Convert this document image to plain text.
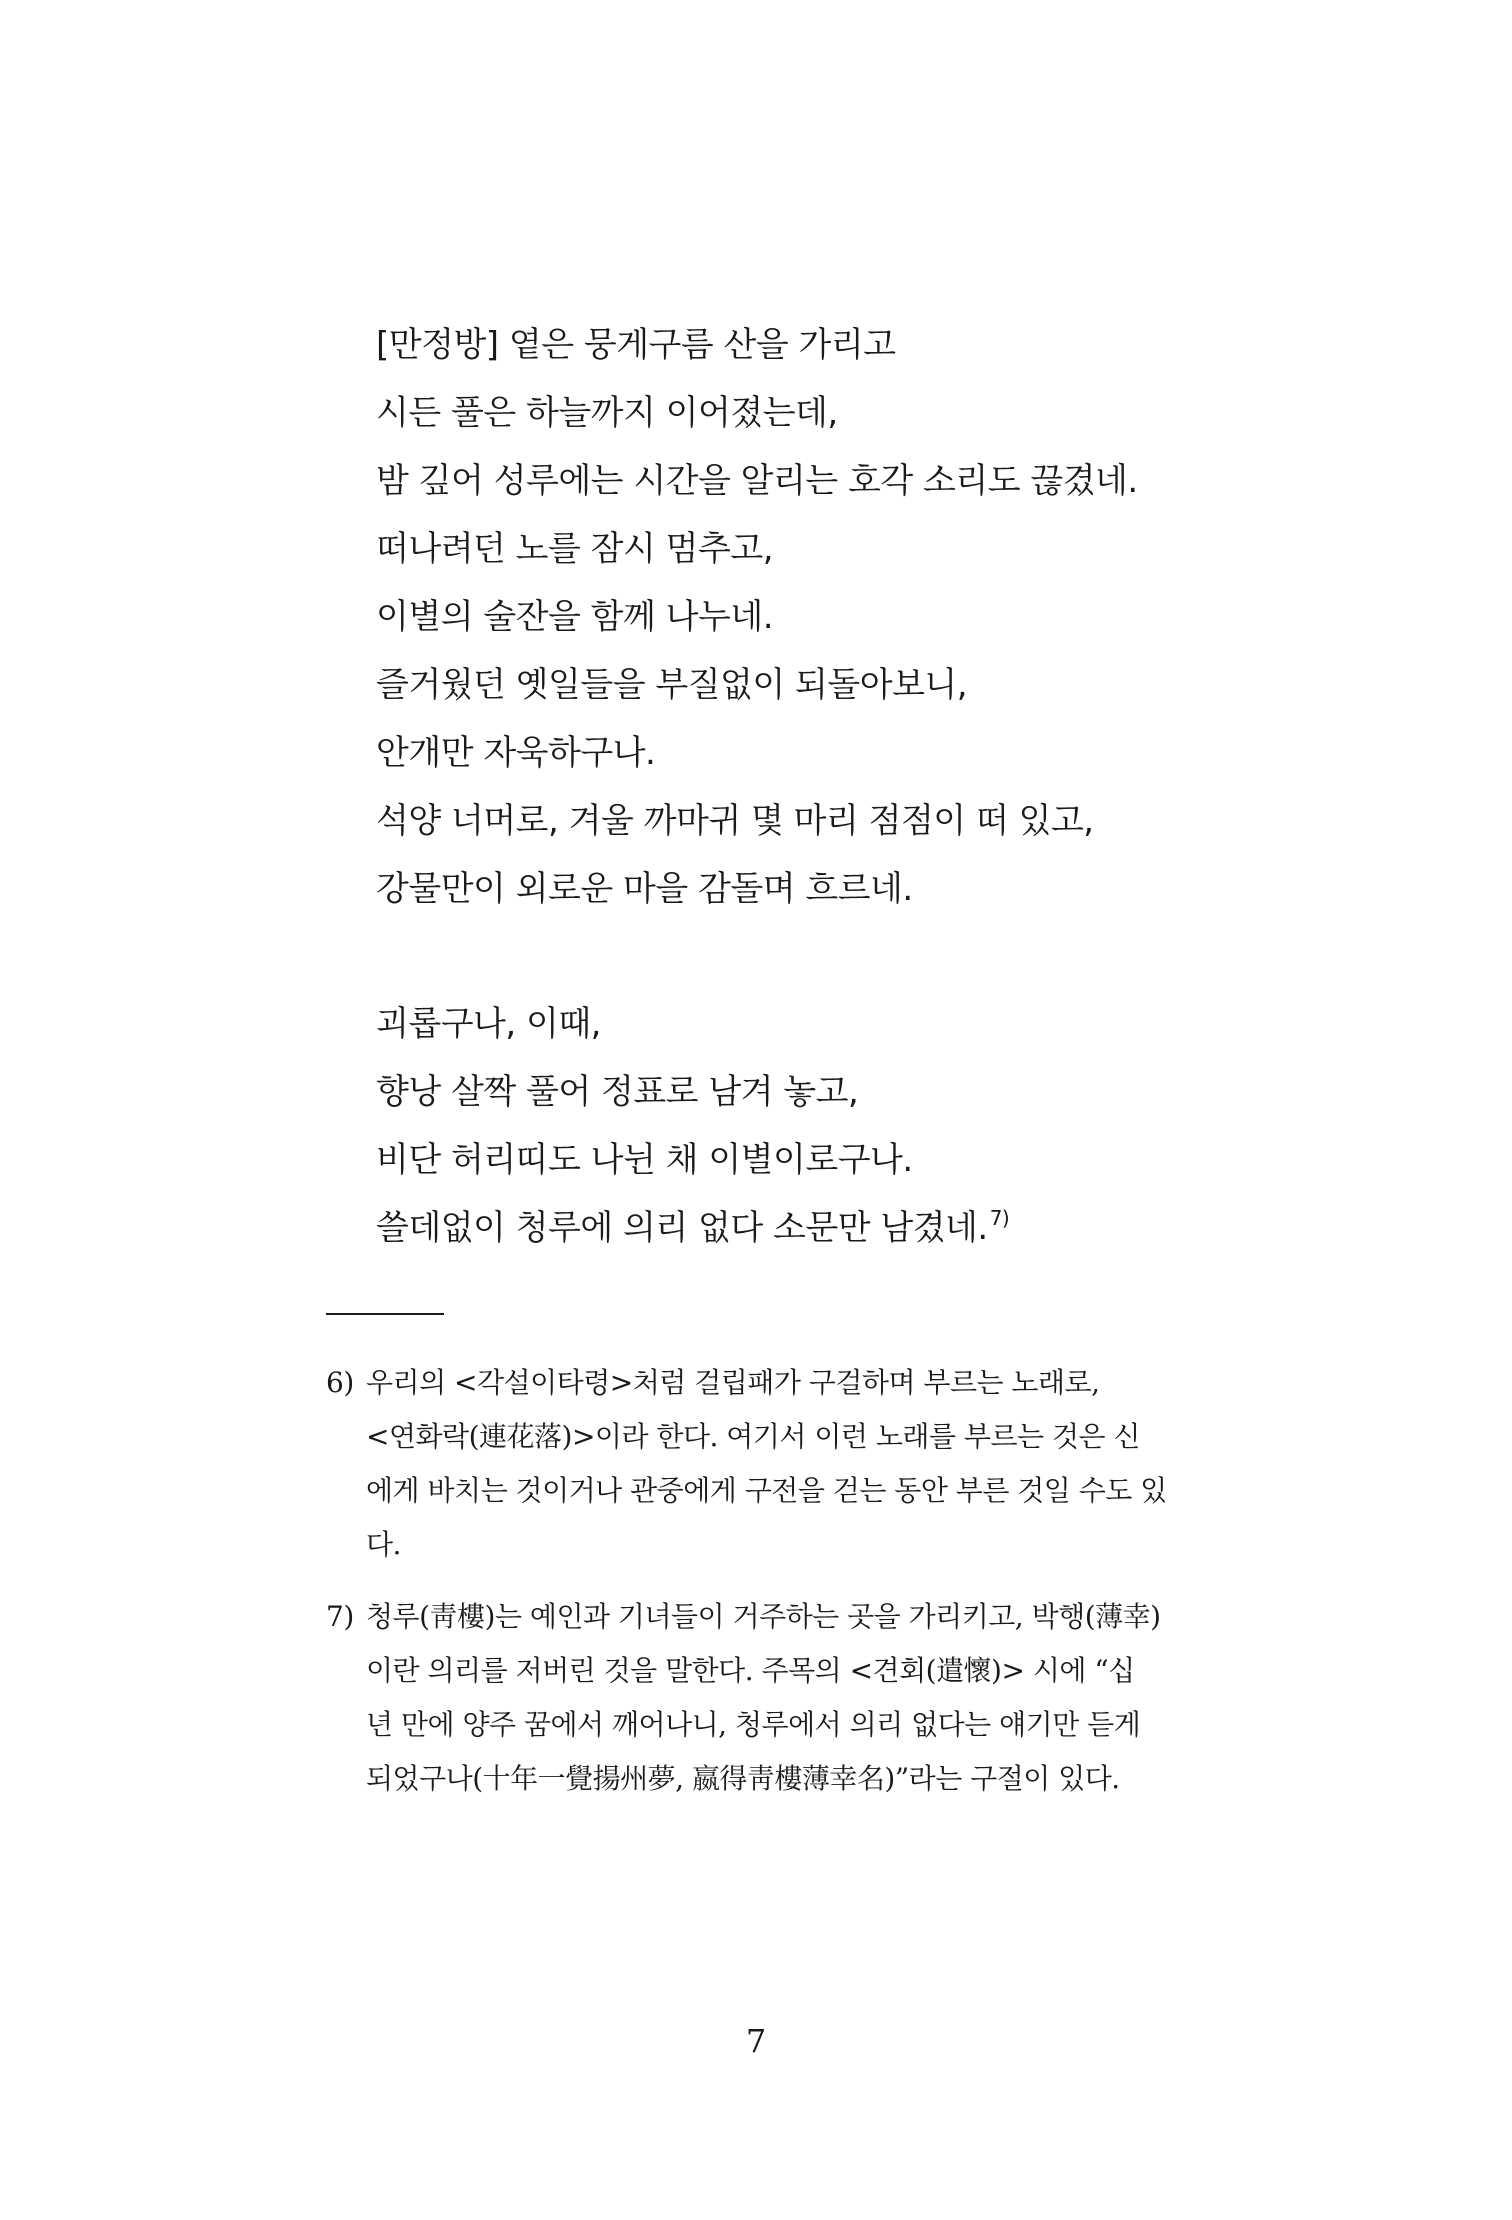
[만정방] 옅은 뭉게구름 산을 가리고
시든 풀은 하늘까지 이어졌는데,
밤 깊어 성루에는 시간을 알리는 호각 소리도 끊겼네.
떠나려던 노를 잠시 멈추고,
이별의 술잔을 함께 나누네.
즐거웠던 옛일들을 부질없이 되돌아보니,
안개만 자욱하구나.
석양 너머로, 겨울 까마귀 몇 마리 점점이 떠 있고,
강물만이 외로운 마을 감돌며 흐르네.
괴롭구나, 이때,
향낭 살짝 풀어 정표로 남겨 놓고,
비단 허리띠도 나뉜 채 이별이로구나.
쓸데없이 청루에 의리 없다 소문만 남겼네. $^{7)}$
6) 우리의 <각설이타령>처럼 걸립패가 구걸하며 부르는 노래로,
<연화락(連花落)>이라 한다. 여기서 이런 노래를 부르는 것은 신
에게 바치는 것이거나 관중에게 구전을 걷는 동안 부른 것일 수도 있
다.
7) 청루(靑樓)는 예인과 기녀들이 거주하는 곳을 가리키고, 박행(薄幸)
이란 의리를 저버린 것을 말한다. 주목의 <견회(遣懷)> 시에 “십
년 만에 양주 꿈에서 깨어나니, 청루에서 의리 없다는 얘기만 듣게
되었구나(十年一覺揚州夢, 嬴得靑樓薄幸名)”라는 구절이 있다.
7
